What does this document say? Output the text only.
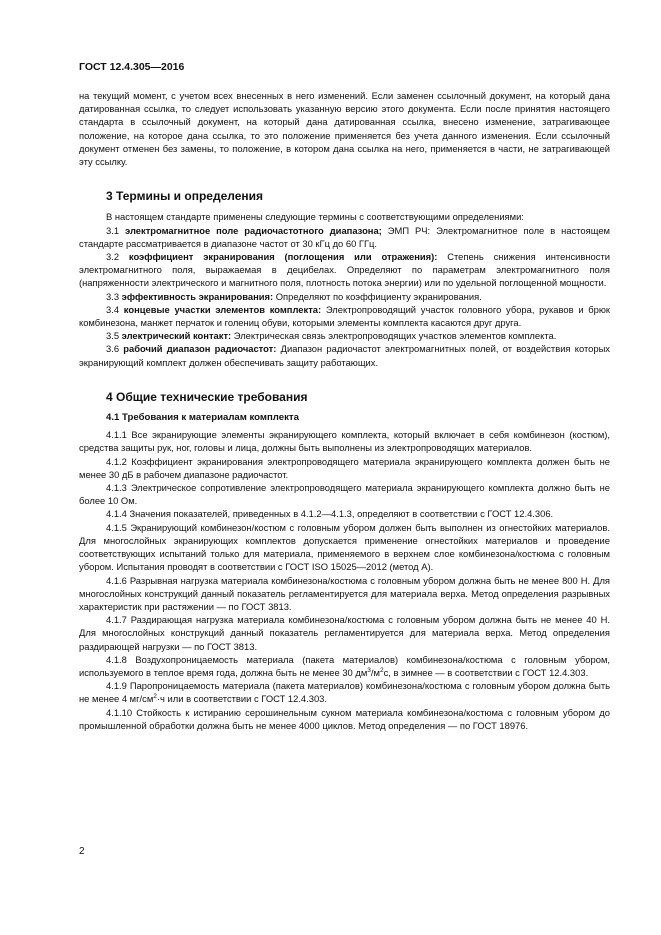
ГОСТ 12.4.305—2016

на текущий момент, с учетом всех внесенных в него изменений. Если заменен ссылочный документ, на который дана датированная ссылка, то следует использовать указанную версию этого документа. Если после принятия настоящего стандарта в ссылочный документ, на который дана датированная ссылка, внесено изменение, затрагивающее положение, на которое дана ссылка, то это положение применяется без учета данного изменения. Если ссылочный документ отменен без замены, то положение, в котором дана ссылка на него, применяется в части, не затрагивающей эту ссылку.

3 Термины и определения

В настоящем стандарте применены следующие термины с соответствующими определениями:

3.1 электромагнитное поле радиочастотного диапазона; ЭМП РЧ: Электромагнитное поле в настоящем стандарте рассматривается в диапазоне частот от 30 кГц до 60 ГГц.

3.2 коэффициент экранирования (поглощения или отражения): Степень снижения интенсивности электромагнитного поля, выражаемая в децибелах. Определяют по параметрам электромагнитного поля (напряженности электрического и магнитного поля, плотность потока энергии) или по удельной поглощенной мощности.

3.3 эффективность экранирования: Определяют по коэффициенту экранирования.

3.4 концевые участки элементов комплекта: Электропроводящий участок головного убора, рукавов и брюк комбинезона, манжет перчаток и голениц обуви, которыми элементы комплекта касаются друг друга.

3.5 электрический контакт: Электрическая связь электропроводящих участков элементов комплекта.

3.6 рабочий диапазон радиочастот: Диапазон радиочастот электромагнитных полей, от воздействия которых экранирующий комплект должен обеспечивать защиту работающих.

4 Общие технические требования

4.1 Требования к материалам комплекта

4.1.1 Все экранирующие элементы экранирующего комплекта, который включает в себя комбинезон (костюм), средства защиты рук, ног, головы и лица, должны быть выполнены из электропроводящих материалов.

4.1.2 Коэффициент экранирования электропроводящего материала экранирующего комплекта должен быть не менее 30 дБ в рабочем диапазоне радиочастот.

4.1.3 Электрическое сопротивление электропроводящего материала экранирующего комплекта должно быть не более 10 Ом.

4.1.4 Значения показателей, приведенных в 4.1.2—4.1.3, определяют в соответствии с ГОСТ 12.4.306.

4.1.5 Экранирующий комбинезон/костюм с головным убором должен быть выполнен из огнестойких материалов. Для многослойных экранирующих комплектов допускается применение огнестойких материалов и проведение соответствующих испытаний только для материала, применяемого в верхнем слое комбинезона/костюма с головным убором. Испытания проводят в соответствии с ГОСТ ISO 15025—2012 (метод А).

4.1.6 Разрывная нагрузка материала комбинезона/костюма с головным убором должна быть не менее 800 Н. Для многослойных конструкций данный показатель регламентируется для материала верха. Метод определения разрывных характеристик при растяжении — по ГОСТ 3813.

4.1.7 Раздирающая нагрузка материала комбинезона/костюма с головным убором должна быть не менее 40 Н. Для многослойных конструкций данный показатель регламентируется для материала верха. Метод определения раздирающей нагрузки — по ГОСТ 3813.

4.1.8 Воздухопроницаемость материала (пакета материалов) комбинезона/костюма с головным убором, используемого в теплое время года, должна быть не менее 30 $дм^3/м^2с$, в зимнее — в соответствии с ГОСТ 12.4.303.

4.1.9 Паропроницаемость материала (пакета материалов) комбинезона/костюма с головным убором должна быть не менее 4 $мг/см^2\cdot ч$ или в соответствии с ГОСТ 12.4.303.

4.1.10 Стойкость к истиранию серошинельным сукном материала комбинезона/костюма с головным убором до промышленной обработки должна быть не менее 4000 циклов. Метод определения — по ГОСТ 18976.

2
